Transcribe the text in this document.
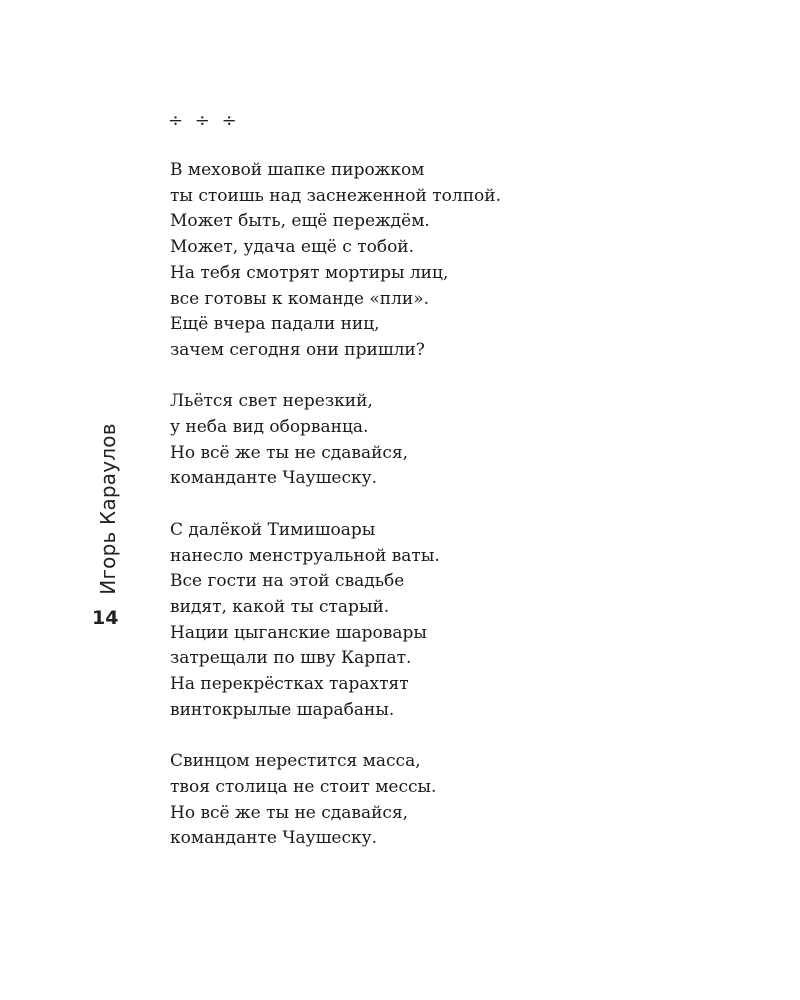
÷ ÷ ÷
В меховой шапке пирожком
ты стоишь над заснеженной толпой.
Может быть, ещё переждём.
Может, удача ещё с тобой.
На тебя смотрят мортиры лиц,
все готовы к команде «пли».
Ещё вчера падали ниц,
зачем сегодня они пришли?
Льётся свет нерезкий,
у неба вид оборванца.
Но всё же ты не сдавайся,
команданте Чаушеску.
С далёкой Тимишоары
нанесло менструальной ваты.
Все гости на этой свадьбе
видят, какой ты старый.
Нации цыганские шаровары
затрещали по шву Карпат.
На перекрёстках тарахтят
винтокрылые шарабаны.
Свинцом нерестится масса,
твоя столица не стоит мессы.
Но всё же ты не сдавайся,
команданте Чаушеску.
Игорь Караулов
14
